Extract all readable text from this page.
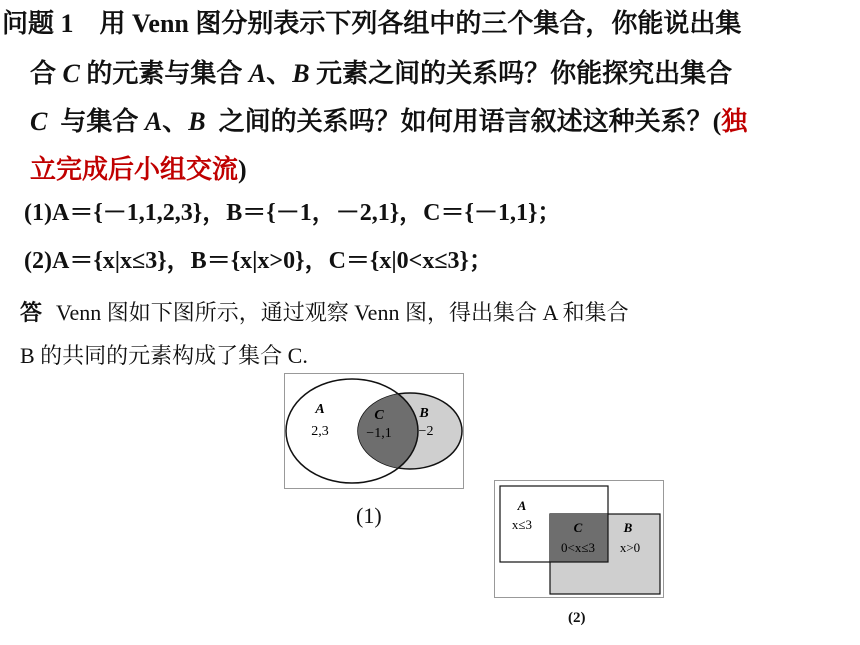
问题 1 用 Venn 图分别表示下列各组中的三个集合，你能说出集
合 C 的元素与集合 A、B 元素之间的关系吗？你能探究出集合
C  与集合 A、B  之间的关系吗？如何用语言叙述这种关系？(独
立完成后小组交流)
(1)A＝{－1,1,2,3}，B＝{－1，－2,1}，C＝{－1,1}；
(2)A＝{x|x≤3}，B＝{x|x>0}，C＝{x|0<x≤3}；
答 Venn 图如下图所示，通过观察 Venn 图，得出集合 A 和集合
B 的共同的元素构成了集合 C.
A
2,3
C
−1,1
B
−2
(1)	A
x≤3	C
0<x≤3
B
x>0
(2)
